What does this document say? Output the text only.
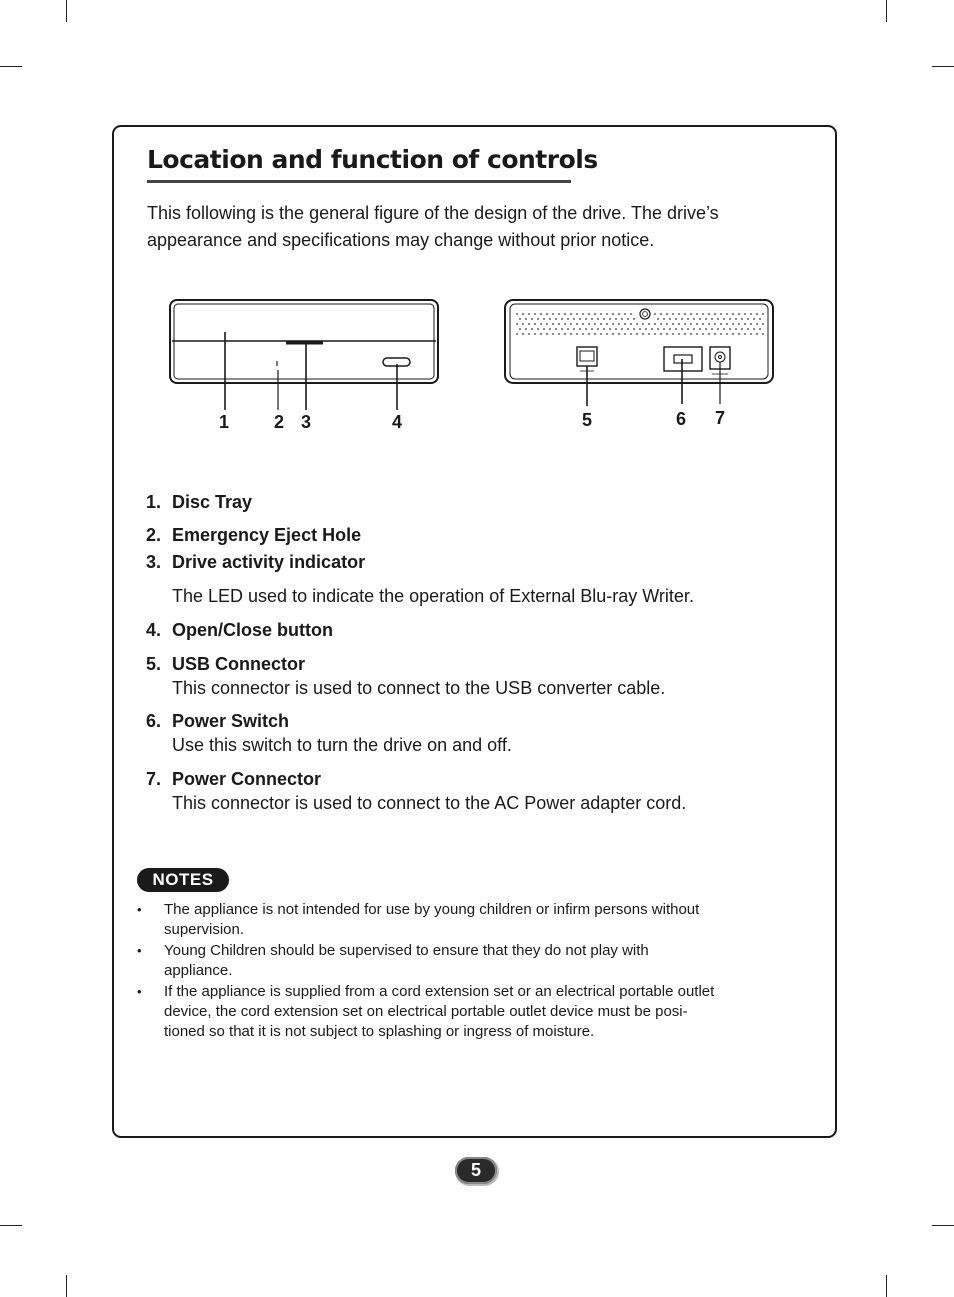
Location and function of controls
This following is the general figure of the design of the drive. The drive’s
appearance and specifications may change without prior notice.
1 2 3	4	5	6 7
1. Disc Tray
2. Emergency Eject Hole
3. Drive activity indicator
The LED used to indicate the operation of External Blu-ray Writer.
4. Open/Close button
5. USB Connector
This connector is used to connect to the USB converter cable.
6. Power Switch
Use this switch to turn the drive on and off.
7. Power Connector
This connector is used to connect to the AC Power adapter cord.
NOTES
• The appliance is not intended for use by young children or infirm persons without
supervision.
• Young Children should be supervised to ensure that they do not play with
appliance.
• If the appliance is supplied from a cord extension set or an electrical portable outlet
device, the cord extension set on electrical portable outlet device must be posi-
tioned so that it is not subject to splashing or ingress of moisture.
5
